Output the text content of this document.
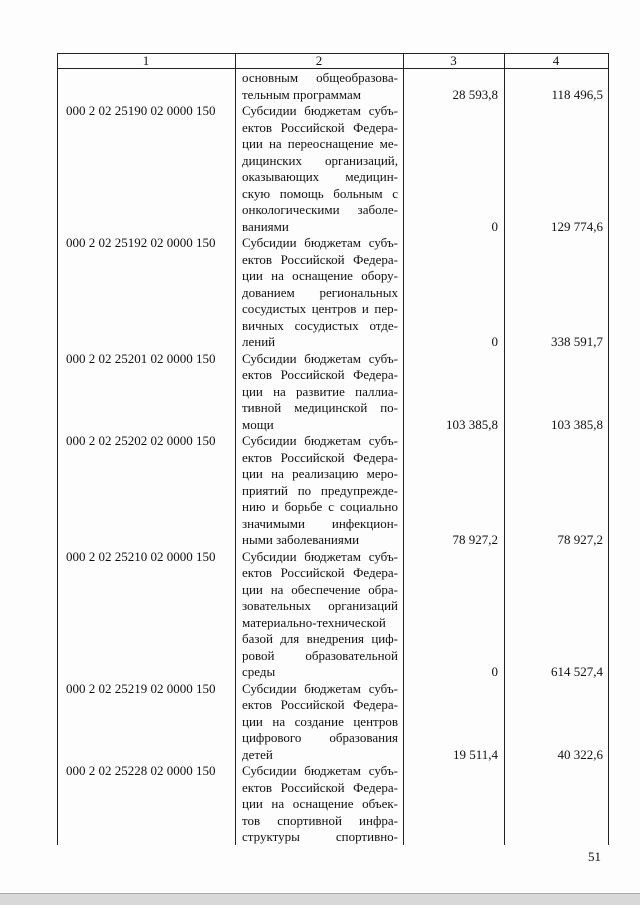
1	2	3	4

основным общеобразова-

тельным программам	28 593,8	118 496,5
000 2 02 25190 02 0000 150 Субсидии бюджетам субъ-

ектов Российской Федера-

ции на переоснащение ме-

дицинских организаций,

оказывающих медицин-

скую помощь больным с

онкологическими заболе-

ваниями	0	129 774,6
000 2 02 25192 02 0000 150 Субсидии бюджетам субъ-

ектов Российской Федера-

ции на оснащение обору-

дованием региональных

сосудистых центров и пер-

вичных сосудистых отде-

лений	0	338 591,7
000 2 02 25201 02 0000 150 Субсидии бюджетам субъ-

ектов Российской Федера-

ции на развитие паллиа-

тивной медицинской по-

мощи	103 385,8	103 385,8
000 2 02 25202 02 0000 150 Субсидии бюджетам субъ-

ектов Российской Федера-

ции на реализацию меро-

приятий по предупрежде-

нию и борьбе с социально

значимыми инфекцион-

ными заболеваниями	78 927,2	78 927,2
000 2 02 25210 02 0000 150 Субсидии бюджетам субъ-

ектов Российской Федера-

ции на обеспечение обра-

зовательных организаций

материально-технической

базой для внедрения циф-

ровой образовательной

среды	0	614 527,4
000 2 02 25219 02 0000 150 Субсидии бюджетам субъ-

ектов Российской Федера-

ции на создание центров

цифрового образования

детей	19 511,4	40 322,6
000 2 02 25228 02 0000 150 Субсидии бюджетам субъ-

ектов Российской Федера-

ции на оснащение объек-

тов спортивной инфра-

структуры спортивно-

51
